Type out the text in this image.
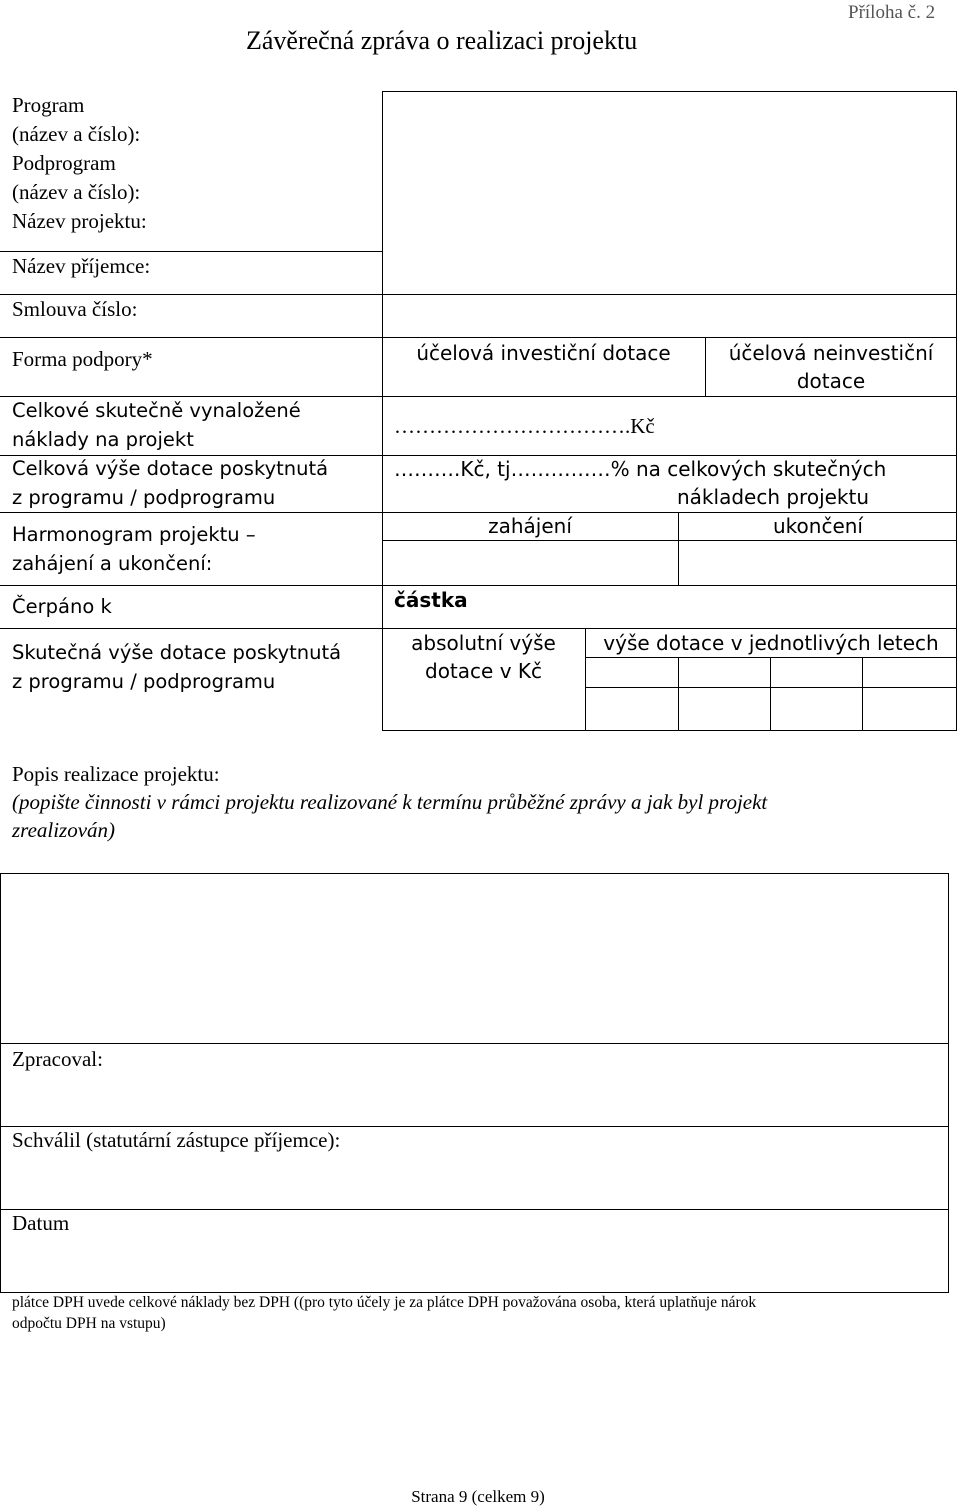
Příloha č. 2
Závěrečná zpráva o realizaci projektu
Program
(název a číslo):
Podprogram
(název a číslo):
Název projektu:
Název příjemce:
Smlouva číslo:
Forma podpory*
Celkové skutečně vynaložené
náklady na projekt
Celková výše dotace poskytnutá
z programu / podprogramu
Harmonogram projektu –
zahájení a ukončení:
Čerpáno k
Skutečná výše dotace poskytnutá
z programu / podprogramu
účelová investiční dotace	účelová neinvestiční
dotace
…………………………….Kč
……….Kč, tj……………% na celkových skutečných
nákladech projektu
zahájení	ukončení
částka
absolutní výše
dotace v Kč
výše dotace v jednotlivých letech
Popis realizace projektu:
(popište činnosti v rámci projektu realizované k termínu průběžné zprávy a jak byl projekt
zrealizován)
Zpracoval:
Schválil (statutární zástupce příjemce):
Datum
plátce DPH uvede celkové náklady bez DPH ((pro tyto účely je za plátce DPH považována osoba, která uplatňuje nárok
odpočtu DPH na vstupu)
Strana 9 (celkem 9)
